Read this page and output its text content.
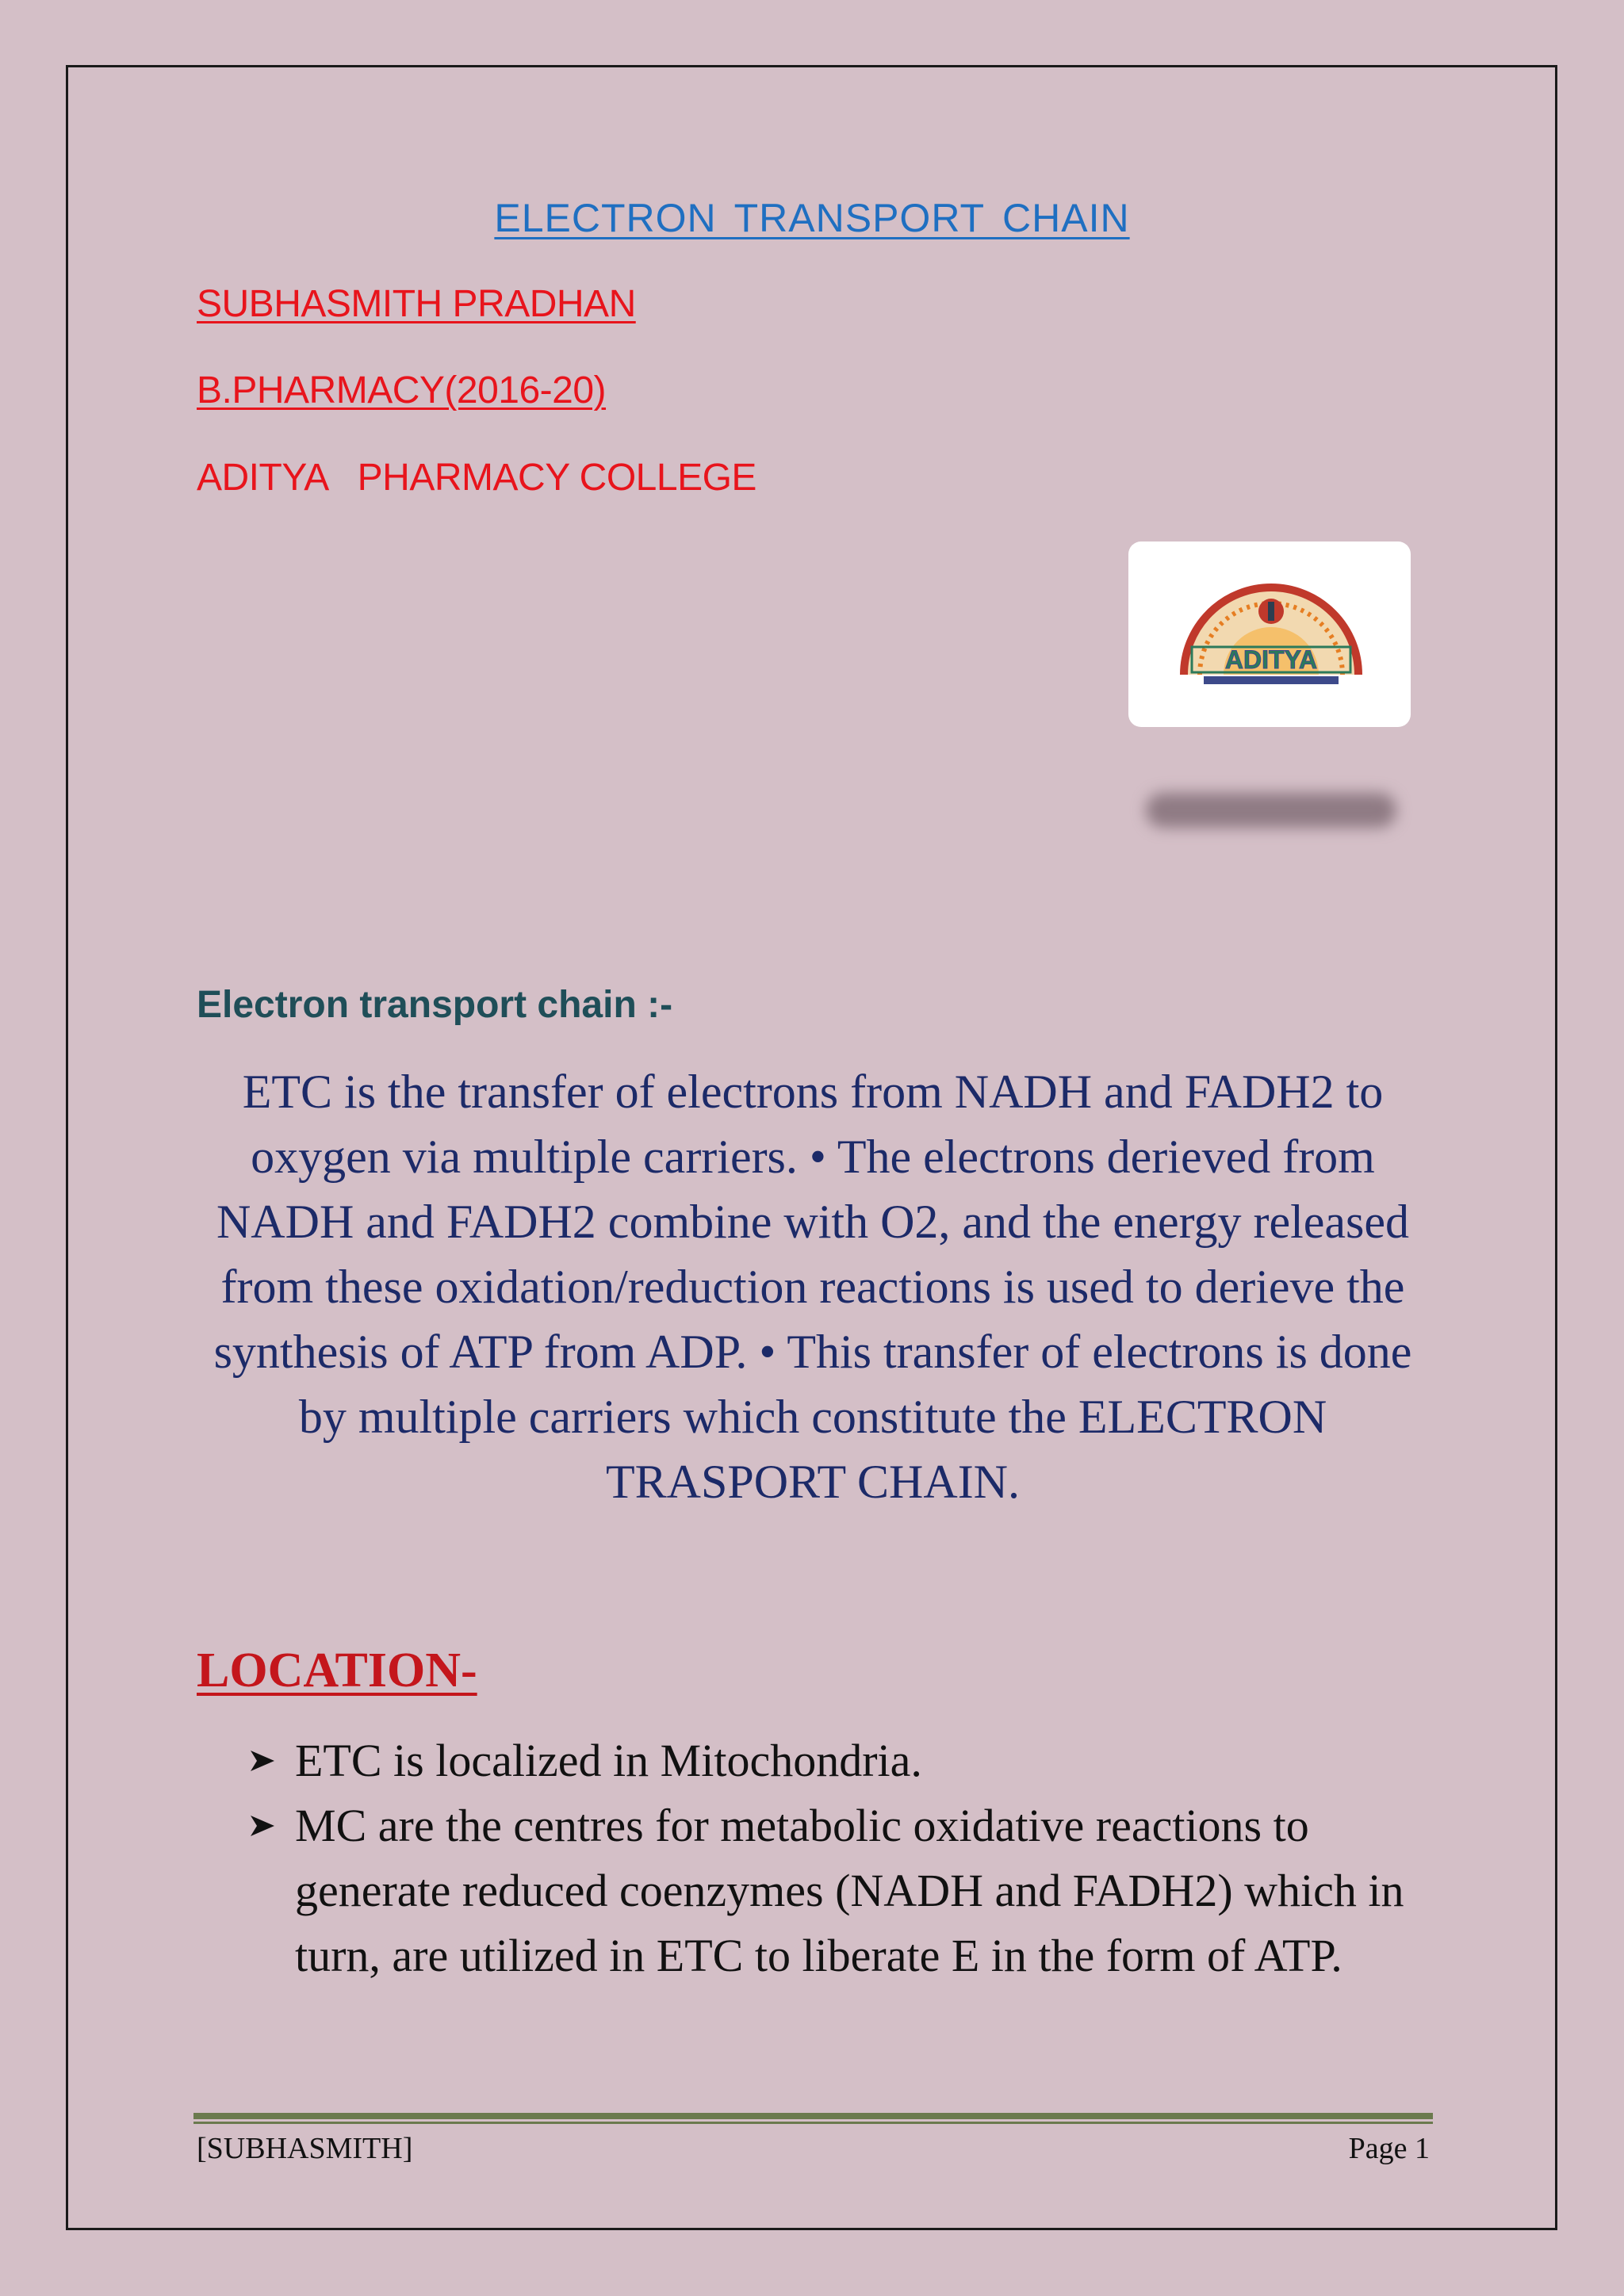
ELECTRON TRANSPORT CHAIN
SUBHASMITH PRADHAN
B.PHARMACY(2016-20)
ADITYA   PHARMACY COLLEGE
ADITYA
Electron transport chain :-
ETC is the transfer of electrons from NADH and FADH2 to oxygen via multiple carriers. • The electrons derieved from NADH and FADH2 combine with O2, and the energy released from these oxidation/reduction reactions is used to derieve the synthesis of ATP from ADP. • This transfer of electrons is done by multiple carriers which constitute the ELECTRON TRASPORT CHAIN.
LOCATION-
ETC is localized in Mitochondria.
MC are the centres for metabolic oxidative reactions to generate reduced coenzymes (NADH and FADH2) which in turn, are utilized in ETC to liberate E in the form of ATP.
[SUBHASMITH]	Page 1
